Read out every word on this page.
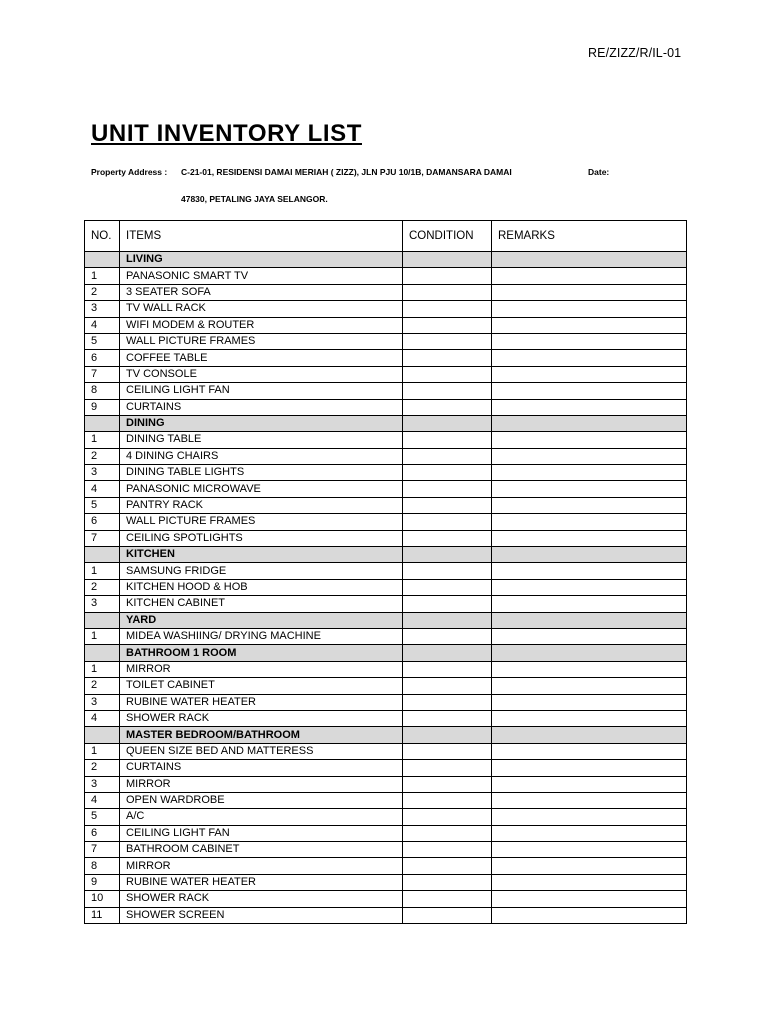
RE/ZIZZ/R/IL-01
UNIT INVENTORY LIST
Property Address : C-21-01, RESIDENSI DAMAI MERIAH ( ZIZZ), JLN PJU 10/1B, DAMANSARA DAMAI
47830, PETALING JAYA SELANGOR.
Date:
NO.	ITEMS	CONDITION	REMARKS
	LIVING		
1	PANASONIC SMART TV		
2	3 SEATER SOFA		
3	TV WALL RACK		
4	WIFI MODEM & ROUTER		
5	WALL PICTURE FRAMES		
6	COFFEE TABLE		
7	TV CONSOLE		
8	CEILING LIGHT FAN		
9	CURTAINS		
	DINING		
1	DINING TABLE		
2	4 DINING CHAIRS		
3	DINING TABLE LIGHTS		
4	PANASONIC MICROWAVE		
5	PANTRY RACK		
6	WALL PICTURE FRAMES		
7	CEILING SPOTLIGHTS		
	KITCHEN		
1	SAMSUNG FRIDGE		
2	KITCHEN HOOD & HOB		
3	KITCHEN CABINET		
	YARD		
1	MIDEA WASHIING/ DRYING MACHINE		
	BATHROOM 1 ROOM		
1	MIRROR		
2	TOILET CABINET		
3	RUBINE WATER HEATER		
4	SHOWER RACK		
	MASTER BEDROOM/BATHROOM		
1	QUEEN SIZE BED AND MATTERESS		
2	CURTAINS		
3	MIRROR		
4	OPEN WARDROBE		
5	A/C		
6	CEILING LIGHT FAN		
7	BATHROOM CABINET		
8	MIRROR		
9	RUBINE WATER HEATER		
10	SHOWER RACK		
11	SHOWER SCREEN		
